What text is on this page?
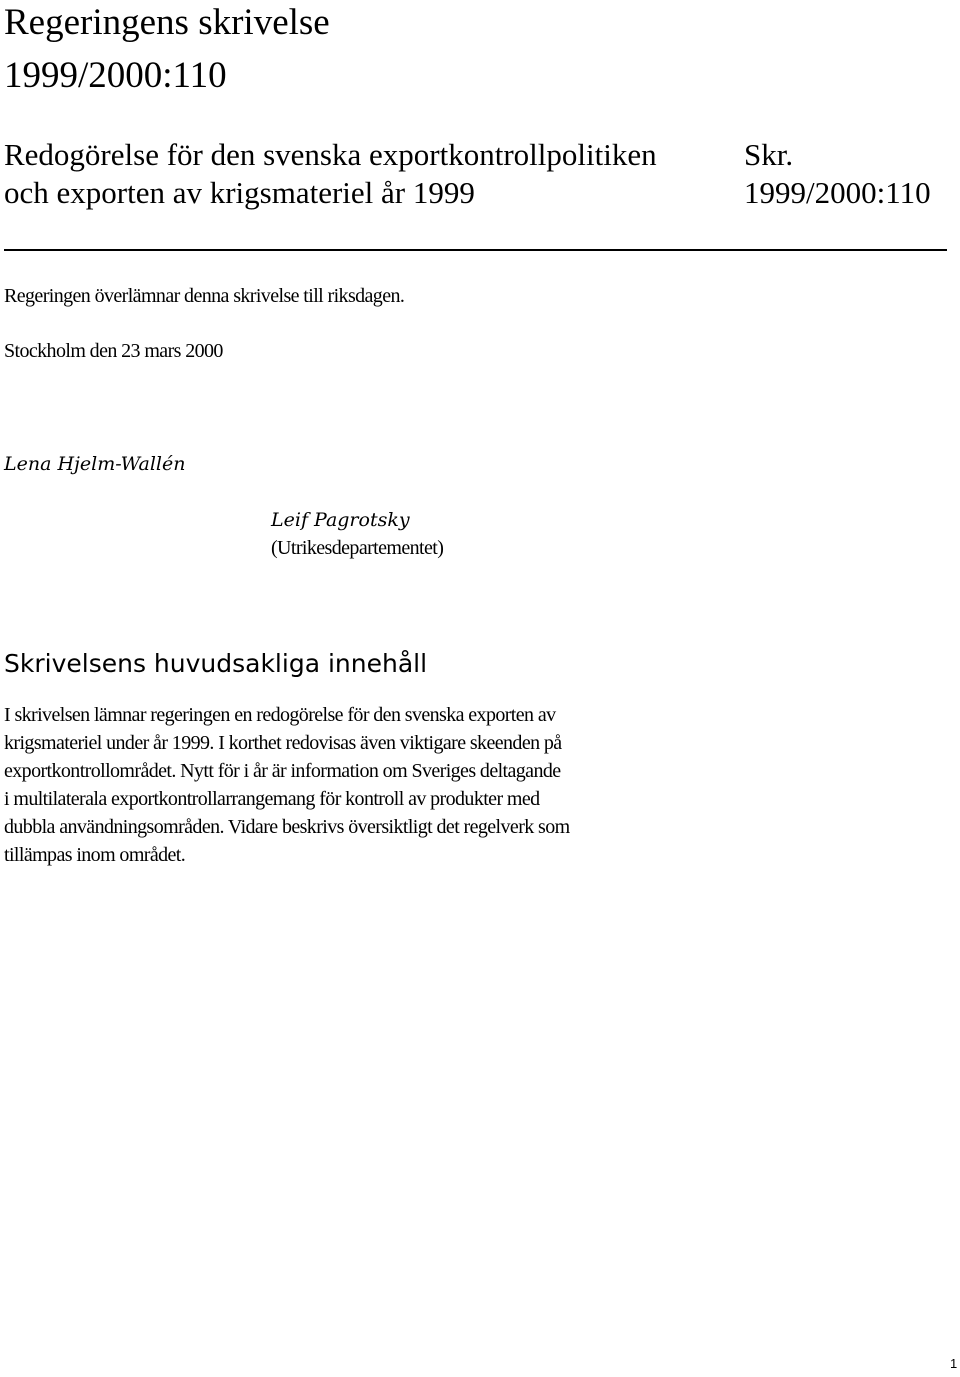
Regeringens skrivelse
1999/2000:110
Redogörelse för den svenska exportkontrollpolitiken
och exporten av krigsmateriel år 1999
Skr.
1999/2000:110
Regeringen överlämnar denna skrivelse till riksdagen.
Stockholm den 23 mars 2000
Lena Hjelm-Wallén
Leif Pagrotsky
(Utrikesdepartementet)
Skrivelsens huvudsakliga innehåll
I skrivelsen lämnar regeringen en redogörelse för den svenska exporten av
krigsmateriel under år 1999. I korthet redovisas även viktigare skeenden på
exportkontrollområdet. Nytt för i år är information om Sveriges deltagande
i multilaterala exportkontrollarrangemang för kontroll av produkter med
dubbla användningsområden. Vidare beskrivs översiktligt det regelverk som
tillämpas inom området.
1
